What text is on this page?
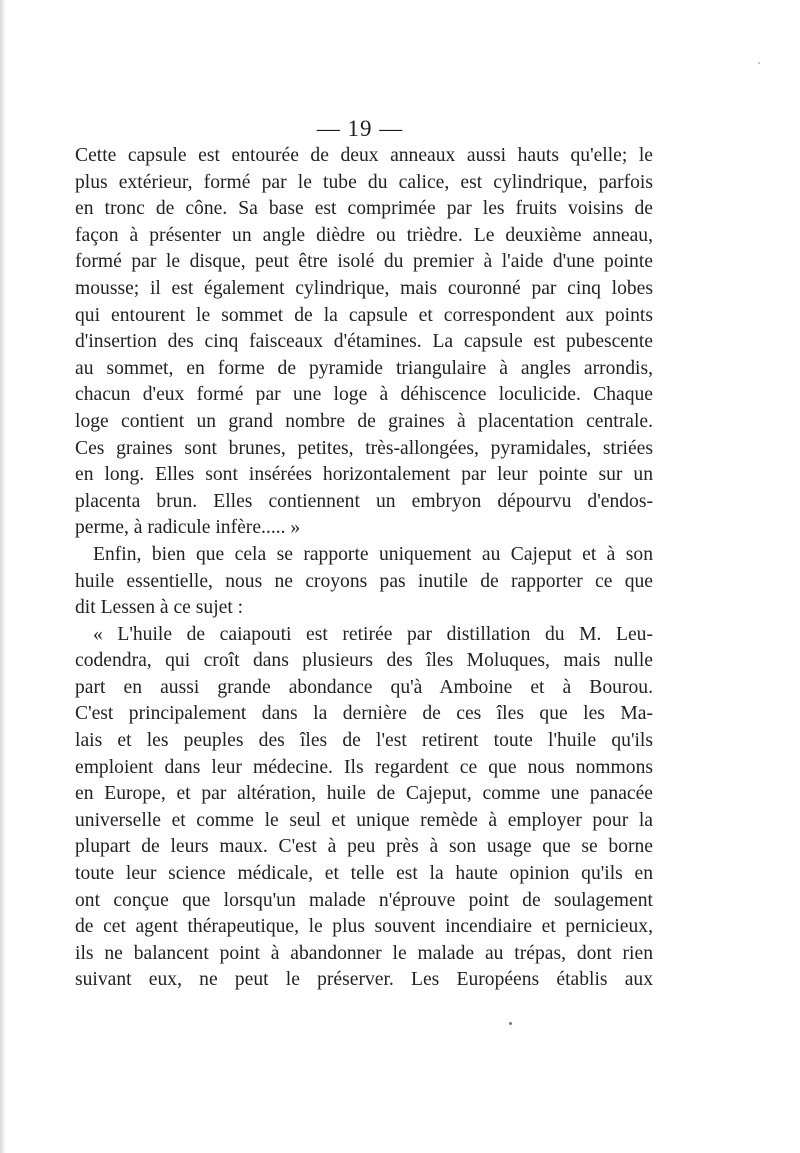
— 19 —
Cette capsule est entourée de deux anneaux aussi hauts qu'elle; le
plus extérieur, formé par le tube du calice, est cylindrique, parfois
en tronc de cône. Sa base est comprimée par les fruits voisins de
façon à présenter un angle dièdre ou trièdre. Le deuxième anneau,
formé par le disque, peut être isolé du premier à l'aide d'une pointe
mousse; il est également cylindrique, mais couronné par cinq lobes
qui entourent le sommet de la capsule et correspondent aux points
d'insertion des cinq faisceaux d'étamines. La capsule est pubescente
au sommet, en forme de pyramide triangulaire à angles arrondis,
chacun d'eux formé par une loge à déhiscence loculicide. Chaque
loge contient un grand nombre de graines à placentation centrale.
Ces graines sont brunes, petites, très-allongées, pyramidales, striées
en long. Elles sont insérées horizontalement par leur pointe sur un
placenta brun. Elles contiennent un embryon dépourvu d'endos-
perme, à radicule infère..... »
Enfin, bien que cela se rapporte uniquement au Cajeput et à son
huile essentielle, nous ne croyons pas inutile de rapporter ce que
dit Lessen à ce sujet :
« L'huile de caiapouti est retirée par distillation du M. Leu-
codendra, qui croît dans plusieurs des îles Moluques, mais nulle
part en aussi grande abondance qu'à Amboine et à Bourou.
C'est principalement dans la dernière de ces îles que les Ma-
lais et les peuples des îles de l'est retirent toute l'huile qu'ils
emploient dans leur médecine. Ils regardent ce que nous nommons
en Europe, et par altération, huile de Cajeput, comme une panacée
universelle et comme le seul et unique remède à employer pour la
plupart de leurs maux. C'est à peu près à son usage que se borne
toute leur science médicale, et telle est la haute opinion qu'ils en
ont conçue que lorsqu'un malade n'éprouve point de soulagement
de cet agent thérapeutique, le plus souvent incendiaire et pernicieux,
ils ne balancent point à abandonner le malade au trépas, dont rien
suivant eux, ne peut le préserver. Les Européens établis aux
